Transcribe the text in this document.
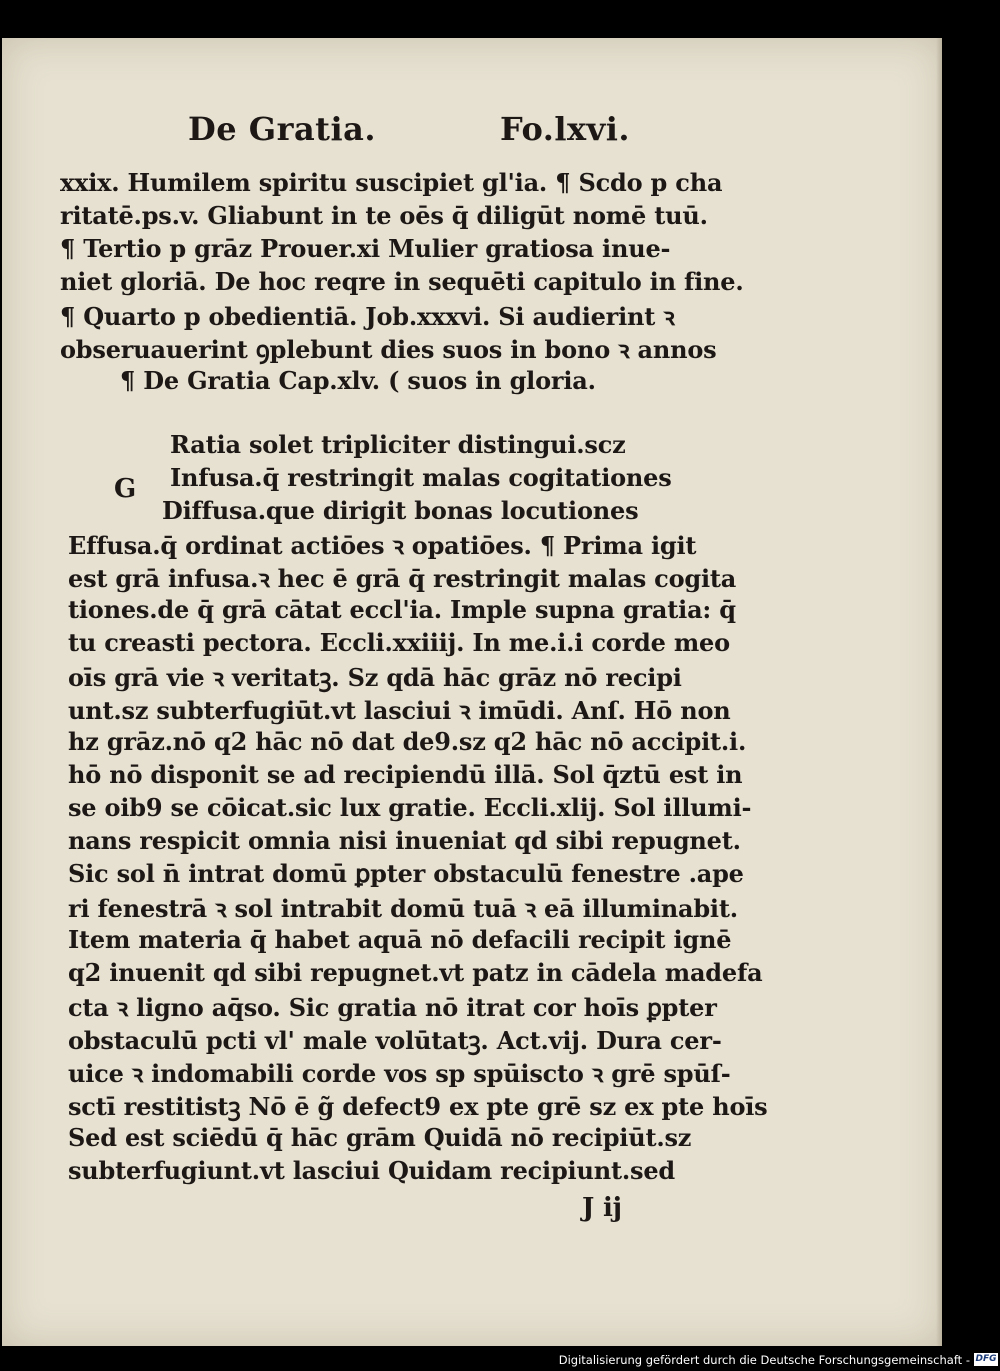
De Gratia.	Fo.lxvi.
xxix. Humilem spiritu suscipiet gl'ia. ¶ Scdo p cha
ritatē.ps.v. Gliabunt in te oēs q̄ diligūt nomē tuū.
¶ Tertio p grāz Prouer.xi Mulier gratiosa inue-
niet gloriā. De hoc reqre in sequēti capitulo in fine.
¶ Quarto p obedientiā. Job.xxxvi. Si audierint ꝛ
obseruauerint ꝯplebunt dies suos in bono ꝛ annos
¶ De Gratia Cap.xlv. ( suos in gloria.
G
Ratia solet tripliciter distingui.scz
Infusa.q̄ restringit malas cogitationes
Diffusa.que dirigit bonas locutiones
Effusa.q̄ ordinat actiōes ꝛ opatiōes. ¶ Prima igit
est grā infusa.ꝛ hec ē grā q̄ restringit malas cogita
tiones.de q̄ grā cātat eccl'ia. Imple supna gratia: q̄
tu creasti pectora. Eccli.xxiiij. In me.i.i corde meo
oīs grā vie ꝛ veritatꝫ. Sz qdā hāc grāz nō recipi
unt.sz subterfugiūt.vt lasciui ꝛ imūdi. Anſ. Hō non
hz grāz.nō q2 hāc nō dat de9.sz q2 hāc nō accipit.i.
hō nō disponit se ad recipiendū illā. Sol q̄ztū est in
se oib9 se cōicat.sic lux gratie. Eccli.xlij. Sol illumi-
nans respicit omnia nisi inueniat qd sibi repugnet.
Sic sol n̄ intrat domū ꝑpter obstaculū fenestre .ape
ri fenestrā ꝛ sol intrabit domū tuā ꝛ eā illuminabit.
Item materia q̄ habet aquā nō defacili recipit ignē
q2 inuenit qd sibi repugnet.vt patz in cādela madefa
cta ꝛ ligno aq̄so. Sic gratia nō itrat cor hoīs ꝑpter
obstaculū pcti vl' male volūtatꝫ. Act.vij. Dura cer-
uice ꝛ indomabili corde vos sp spūiscto ꝛ grē spūſ-
sctī restitistꝫ Nō ē g̃ defect9 ex pte grē sz ex pte hoīs
Sed est sciēdū q̄ hāc grām Quidā nō recipiūt.sz
subterfugiunt.vt lasciui Quidam recipiunt.sed
J ij
Digitalisierung gefördert durch die Deutsche Forschungsgemeinschaft - DFG
